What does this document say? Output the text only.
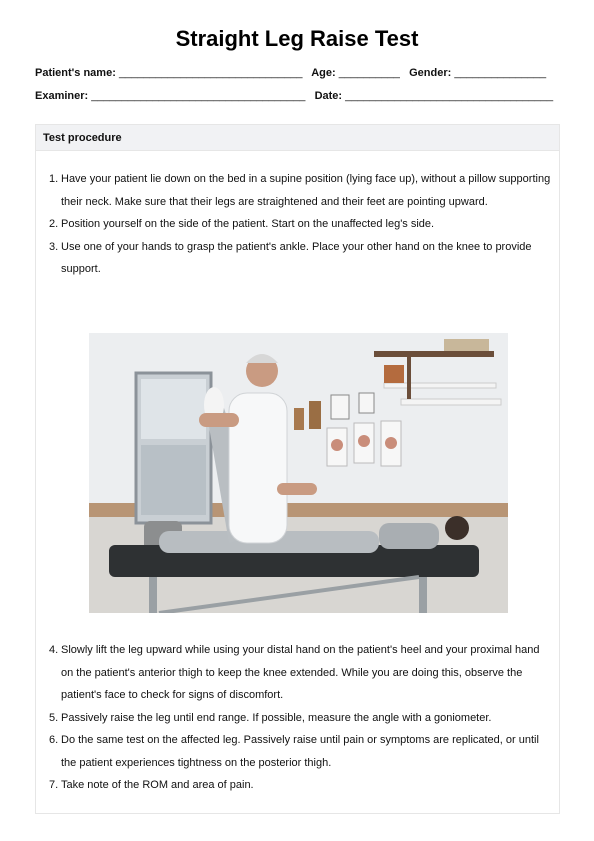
Straight Leg Raise Test
Patient's name: ______________________________ Age: __________ Gender: _______________
Examiner: ___________________________________ Date: __________________________________
Test procedure
1. Have your patient lie down on the bed in a supine position (lying face up), without a pillow supporting their neck. Make sure that their legs are straightened and their feet are pointing upward.
2. Position yourself on the side of the patient. Start on the unaffected leg's side.
3. Use one of your hands to grasp the patient's ankle. Place your other hand on the knee to provide support.
4. Slowly lift the leg upward while using your distal hand on the patient's heel and your proximal hand on the patient's anterior thigh to keep the knee extended. While you are doing this, observe the patient's face to check for signs of discomfort.
5. Passively raise the leg until end range. If possible, measure the angle with a goniometer.
6. Do the same test on the affected leg. Passively raise until pain or symptoms are replicated, or until the patient experiences tightness on the posterior thigh.
7. Take note of the ROM and area of pain.
